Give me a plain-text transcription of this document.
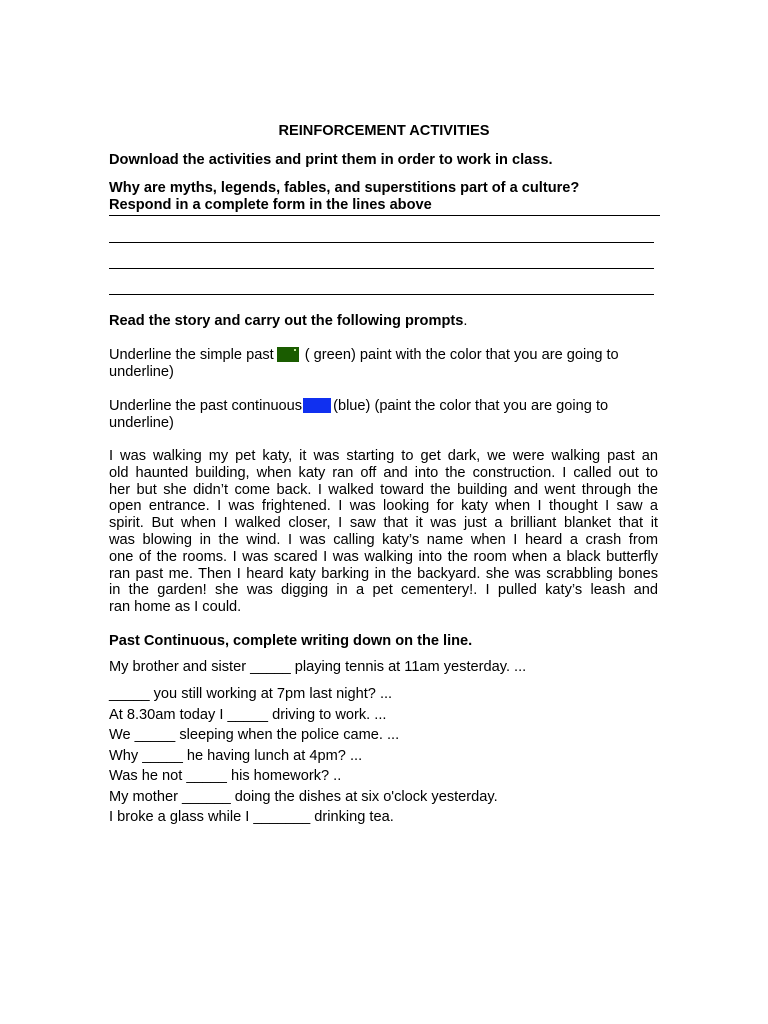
REINFORCEMENT ACTIVITIES
Download the activities and print them in order to work in class.
Why are myths, legends, fables, and superstitions part of a culture?
Respond in a complete form in the lines above
Read the story and carry out the following prompts.
Underline the simple past ( green) paint with the color that you are going to
underline)
Underline the past continuous (blue) (paint the color that you are going to
underline)
I was walking my pet katy, it was starting to get dark, we were walking past an
old haunted building, when katy ran off and into the construction. I called out to
her but she didn’t come back. I walked toward the building and went through the
open entrance. I was frightened. I was looking for katy when I thought I saw a
spirit. But when I walked closer, I saw that it was just a brilliant blanket that it
was blowing in the wind. I was calling katy’s name when I heard a crash from
one of the rooms. I was scared I was walking into the room when a black butterfly
ran past me. Then I heard katy barking in the backyard. she was scrabbling bones
in the garden! she was digging in a pet cementery!. I pulled katy’s leash and
ran home as I could.
Past Continuous, complete writing down on the line.
My brother and sister _____ playing tennis at 11am yesterday. ...
_____ you still working at 7pm last night? ...
At 8.30am today I _____ driving to work. ...
We _____ sleeping when the police came. ...
Why _____ he having lunch at 4pm? ...
Was he not _____ his homework? ..
My mother ______ doing the dishes at six o'clock yesterday.
I broke a glass while I _______ drinking tea.
